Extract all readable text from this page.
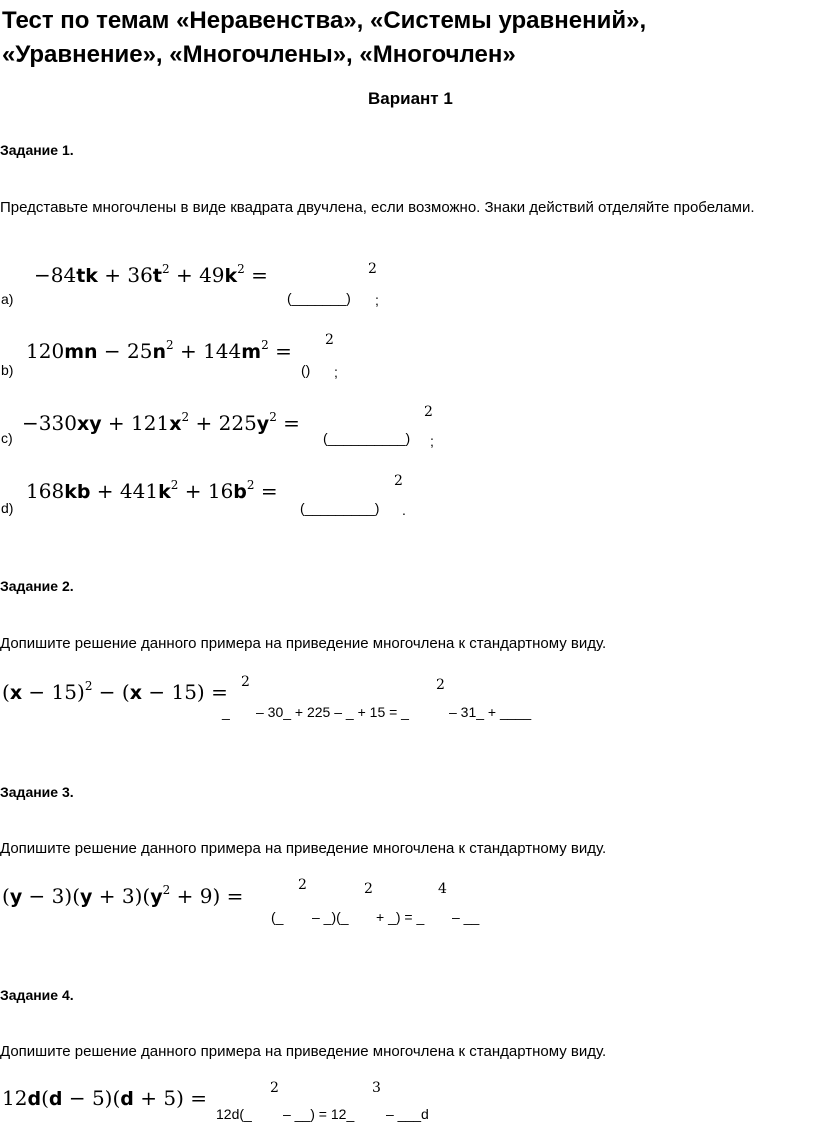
Тест по темам «Неравенства», «Системы уравнений»,
«Уравнение», «Многочлены», «Многочлен»
Вариант 1
Задание 1.
Представьте многочлены в виде квадрата двучлена, если возможно. Знаки действий отделяйте пробелами.
a)
$-84tk + 36t^2 + 49k^2$ =	2
(_______) ;
b)
$120mn - 25n^2 + 144m^2 = 2$
() ;
c)
$-330xy + 121x^2 + 225y^2$ =	2
(__________) ;
d)
$168kb + 441k^2 + 16b^2$ =	2
(_________) .
Задание 2.
Допишите решение данного примера на приведение многочлена к стандартному виду.
$(x - 15)^2 - (x - 15) = 2$	2
_ – 30_ + 225 – _ + 15 = _	– 31_ + ____
Задание 3.
Допишите решение данного примера на приведение многочлена к стандартному виду.
$(y - 3)(y + 3)(y^2 + 9)$ =	2	2	4
(_ – _)(_ + _) = _ – __
Задание 4.
Допишите решение данного примера на приведение многочлена к стандартному виду.
12d(d − 5)(d + 5) =	2	3
12d(_ – __) = 12_ – ___d
